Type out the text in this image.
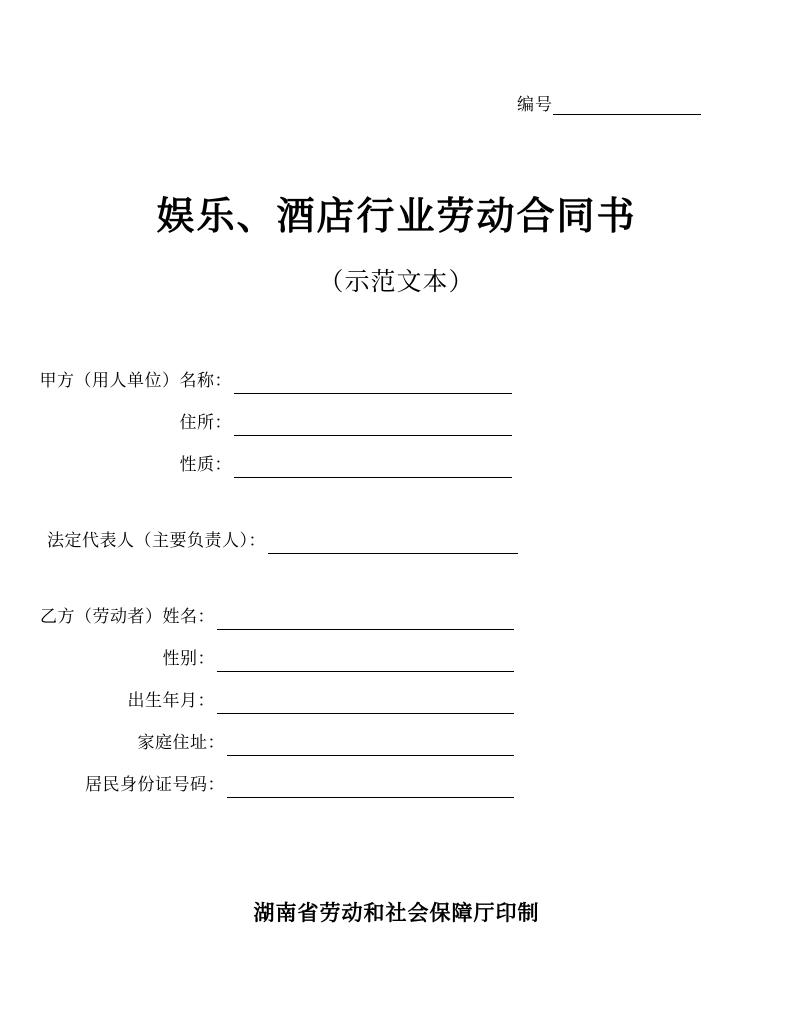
编号
娱乐、酒店行业劳动合同书
（示范文本）
甲方（用人单位）名称：
住所：
性质：
法定代表人（主要负责人）：
乙方（劳动者）姓名：
性别：
出生年月：
家庭住址：
居民身份证号码：
湖南省劳动和社会保障厅印制
